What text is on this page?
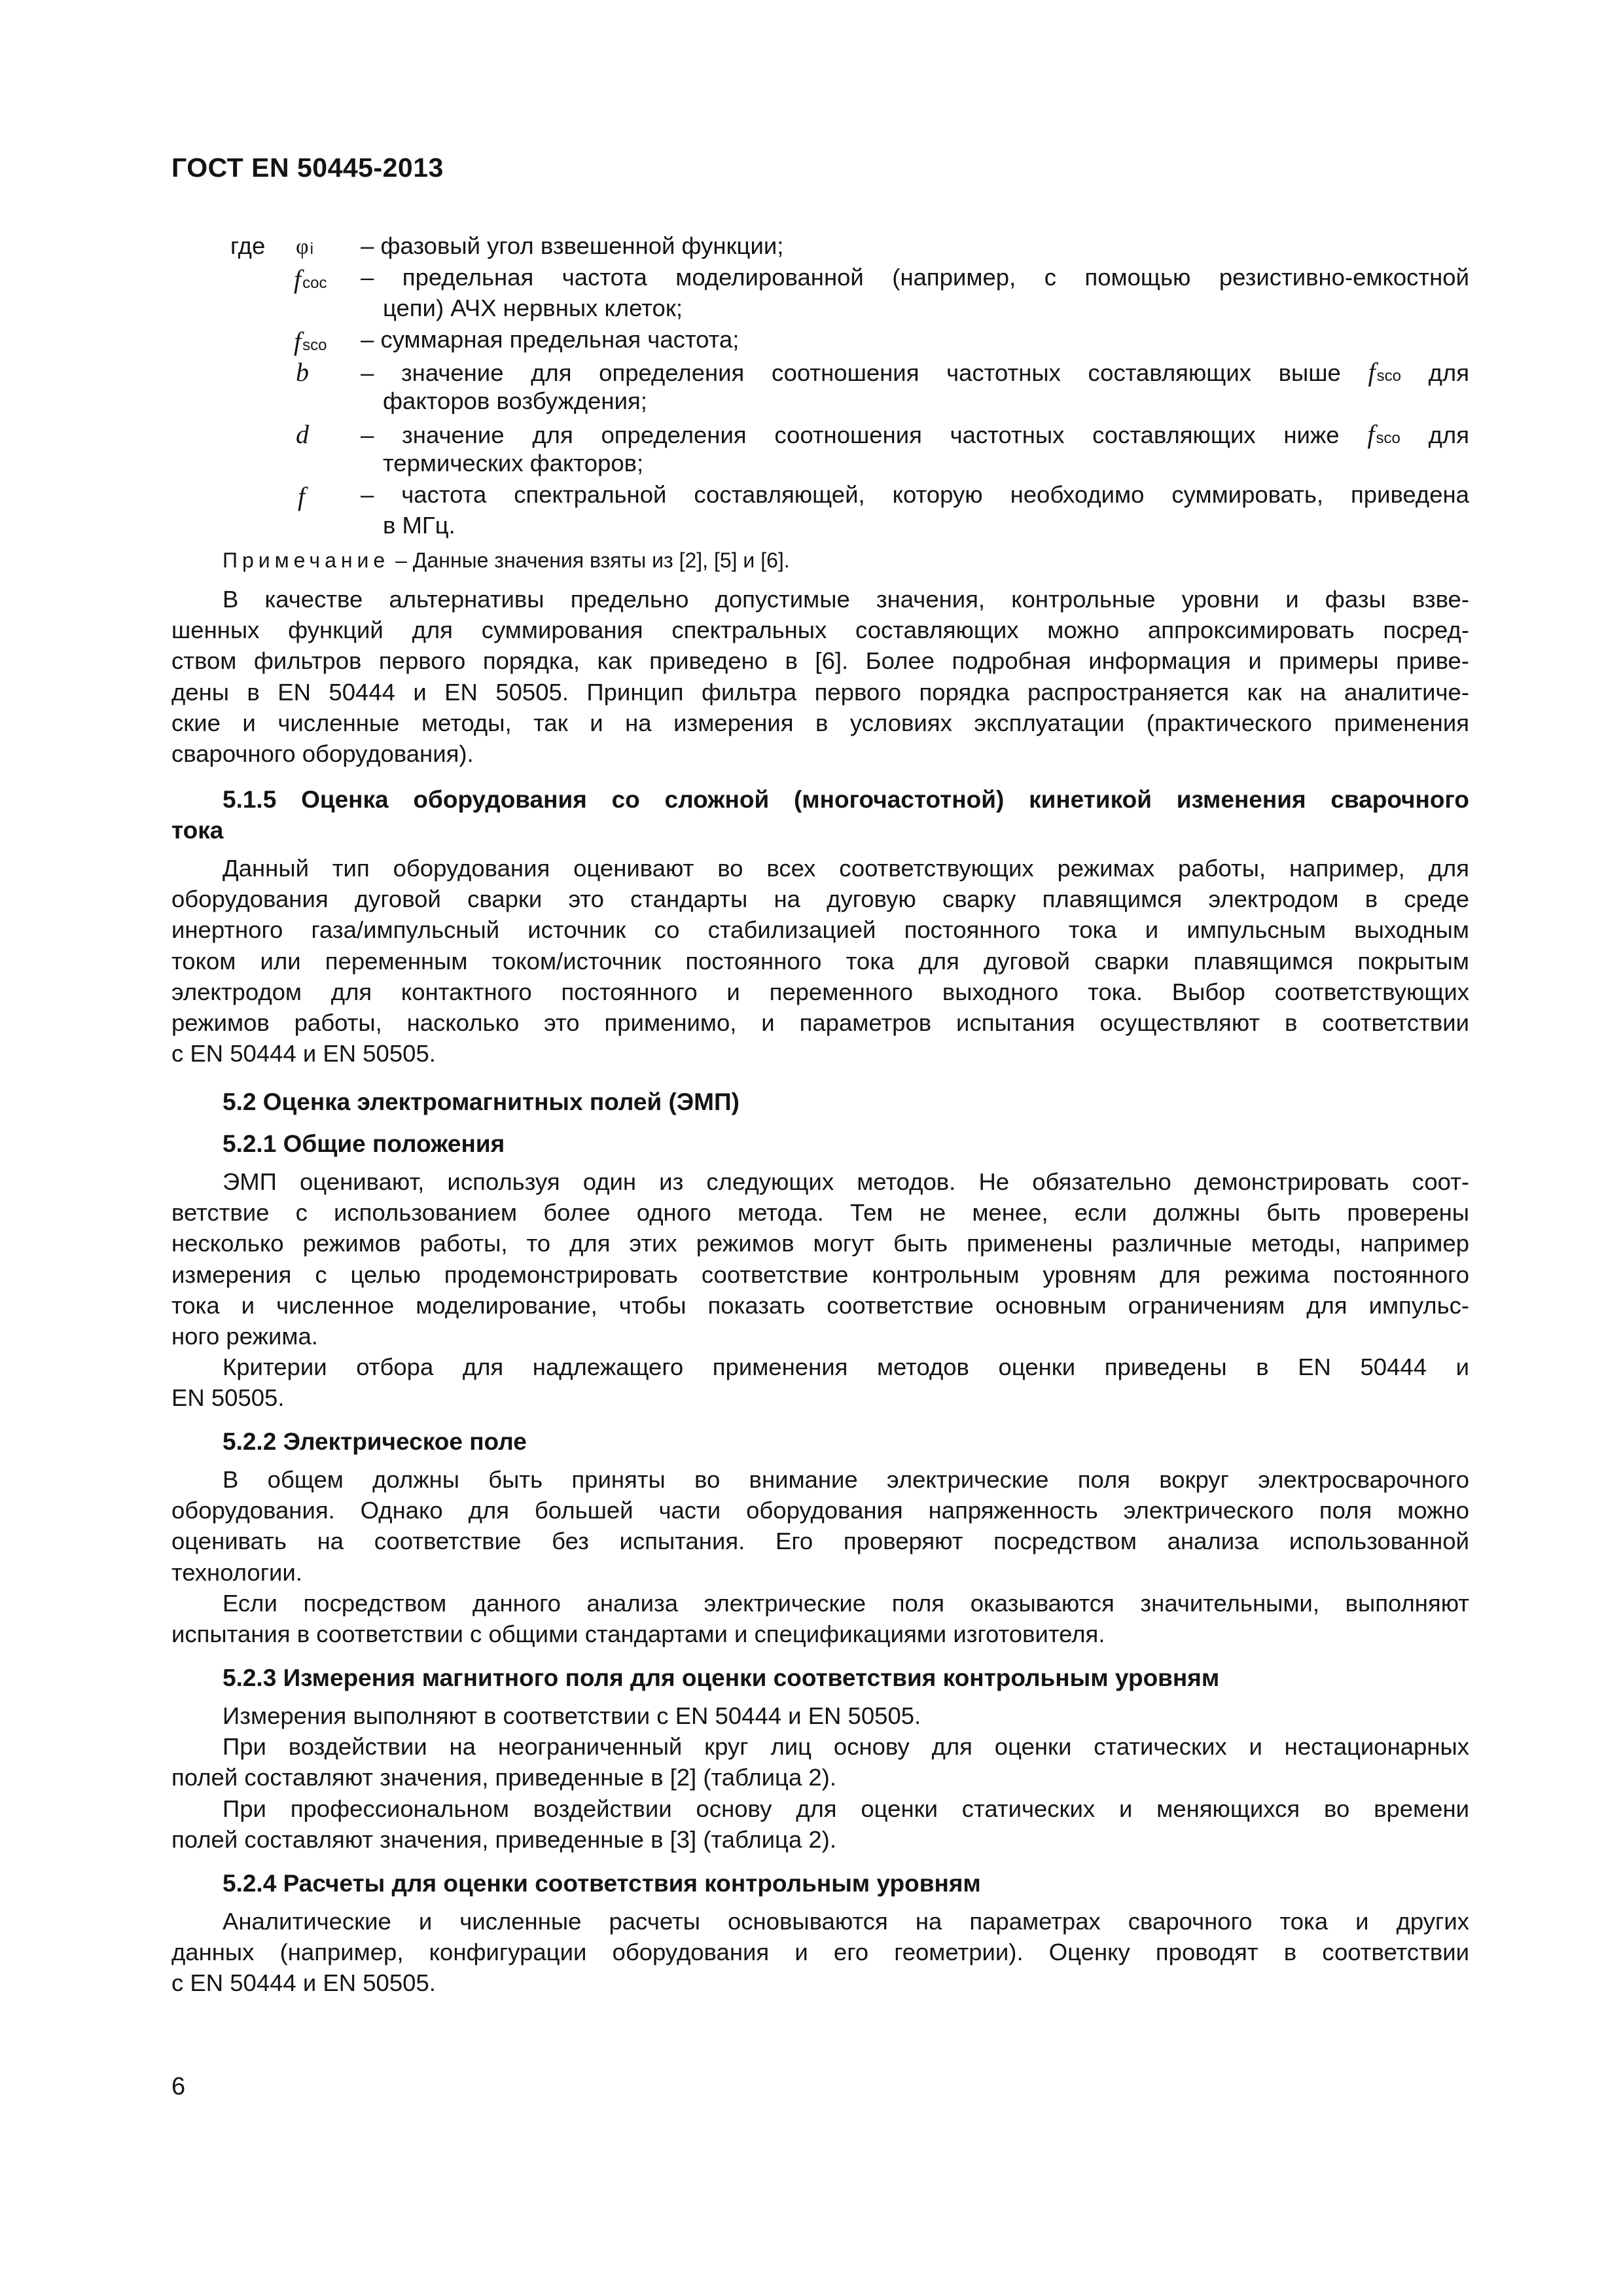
ГОСТ EN 50445-2013
где φi – фазовый угол взвешенной функции;
fcoc – предельная частота моделированной (например, с помощью резистивно-емкостной
цепи) АЧХ нервных клеток;
fsco – суммарная предельная частота;
b – значение для определения соотношения частотных составляющих выше fsco для
факторов возбуждения;
d – значение для определения соотношения частотных составляющих ниже fsco для
термических факторов;
f – частота спектральной составляющей, которую необходимо суммировать, приведена
в МГц.
Примечание – Данные значения взяты из [2], [5] и [6].
В качестве альтернативы предельно допустимые значения, контрольные уровни и фазы взве-
шенных функций для суммирования спектральных составляющих можно аппроксимировать посред-
ством фильтров первого порядка, как приведено в [6]. Более подробная информация и примеры приве-
дены в EN 50444 и EN 50505. Принцип фильтра первого порядка распространяется как на аналитиче-
ские и численные методы, так и на измерения в условиях эксплуатации (практического применения
сварочного оборудования).
5.1.5 Оценка оборудования со сложной (многочастотной) кинетикой изменения сварочного
тока
Данный тип оборудования оценивают во всех соответствующих режимах работы, например, для
оборудования дуговой сварки это стандарты на дуговую сварку плавящимся электродом в среде
инертного газа/импульсный источник со стабилизацией постоянного тока и импульсным выходным
током или переменным током/источник постоянного тока для дуговой сварки плавящимся покрытым
электродом для контактного постоянного и переменного выходного тока. Выбор соответствующих
режимов работы, насколько это применимо, и параметров испытания осуществляют в соответствии
с EN 50444 и EN 50505.
5.2 Оценка электромагнитных полей (ЭМП)
5.2.1 Общие положения
ЭМП оценивают, используя один из следующих методов. Не обязательно демонстрировать соот-
ветствие с использованием более одного метода. Тем не менее, если должны быть проверены
несколько режимов работы, то для этих режимов могут быть применены различные методы, например
измерения с целью продемонстрировать соответствие контрольным уровням для режима постоянного
тока и численное моделирование, чтобы показать соответствие основным ограничениям для импульс-
ного режима.
Критерии отбора для надлежащего применения методов оценки приведены в EN 50444 и
EN 50505.
5.2.2 Электрическое поле
В общем должны быть приняты во внимание электрические поля вокруг электросварочного
оборудования. Однако для большей части оборудования напряженность электрического поля можно
оценивать на соответствие без испытания. Его проверяют посредством анализа использованной
технологии.
Если посредством данного анализа электрические поля оказываются значительными, выполняют
испытания в соответствии с общими стандартами и спецификациями изготовителя.
5.2.3 Измерения магнитного поля для оценки соответствия контрольным уровням
Измерения выполняют в соответствии с EN 50444 и EN 50505.
При воздействии на неограниченный круг лиц основу для оценки статических и нестационарных
полей составляют значения, приведенные в [2] (таблица 2).
При профессиональном воздействии основу для оценки статических и меняющихся во времени
полей составляют значения, приведенные в [3] (таблица 2).
5.2.4 Расчеты для оценки соответствия контрольным уровням
Аналитические и численные расчеты основываются на параметрах сварочного тока и других
данных (например, конфигурации оборудования и его геометрии). Оценку проводят в соответствии
с EN 50444 и EN 50505.
6
